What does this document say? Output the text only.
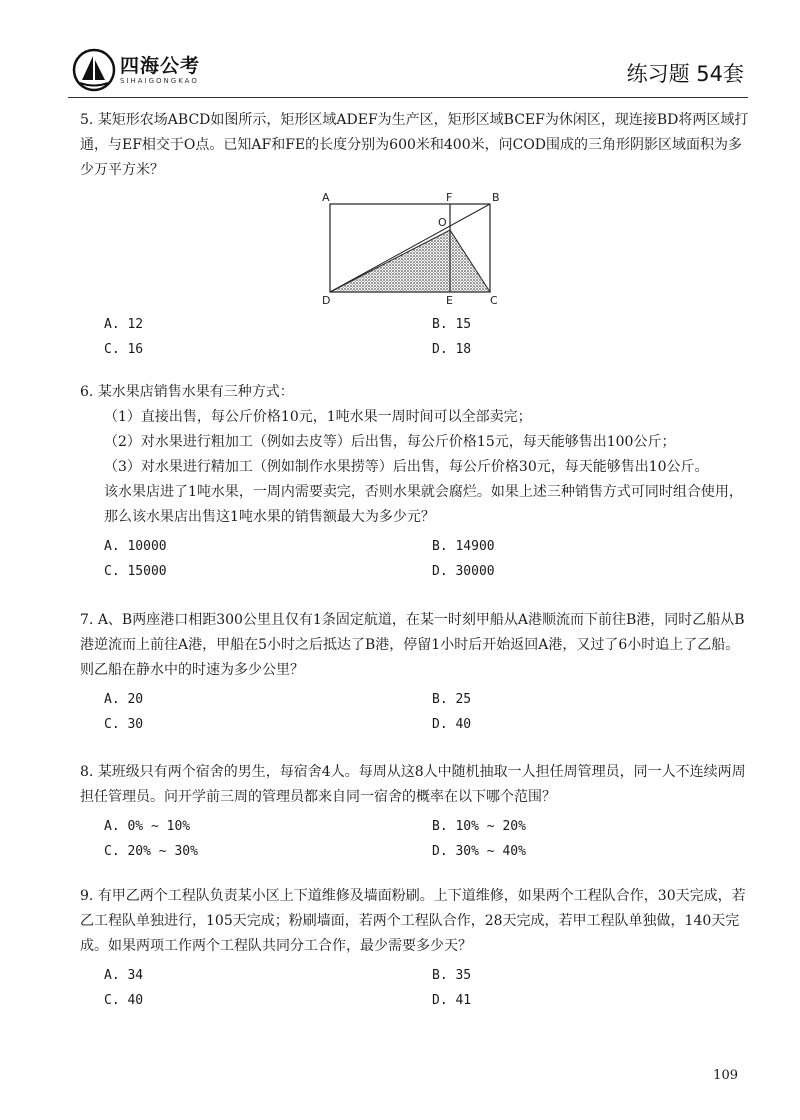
四海公考
SIHAIGONGKAO	练习题 54套

5. 某矩形农场ABCD如图所示，矩形区域ADEF为生产区，矩形区域BCEF为休闲区，现连接BD将两区域打通，与EF相交于O点。已知AF和FE的长度分别为600米和400米，问COD围成的三角形阴影区域面积为多少万平方米？

A	F	B
O
D	E	C
A. 12	B. 15
C. 16	D. 18

6. 某水果店销售水果有三种方式：

（1）直接出售，每公斤价格10元，1吨水果一周时间可以全部卖完；

（2）对水果进行粗加工（例如去皮等）后出售，每公斤价格15元，每天能够售出100公斤；

（3）对水果进行精加工（例如制作水果捞等）后出售，每公斤价格30元，每天能够售出10公斤。

该水果店进了1吨水果，一周内需要卖完，否则水果就会腐烂。如果上述三种销售方式可同时组合使用，那么该水果店出售这1吨水果的销售额最大为多少元？

A. 10000	B. 14900
C. 15000	D. 30000

7. A、B两座港口相距300公里且仅有1条固定航道，在某一时刻甲船从A港顺流而下前往B港，同时乙船从B港逆流而上前往A港，甲船在5小时之后抵达了B港，停留1小时后开始返回A港，又过了6小时追上了乙船。则乙船在静水中的时速为多少公里？

A. 20	B. 25
C. 30	D. 40

8. 某班级只有两个宿舍的男生，每宿舍4人。每周从这8人中随机抽取一人担任周管理员，同一人不连续两周担任管理员。问开学前三周的管理员都来自同一宿舍的概率在以下哪个范围？

A. 0% ~ 10%	B. 10% ~ 20%
C. 20% ~ 30%	D. 30% ~ 40%

9. 有甲乙两个工程队负责某小区上下道维修及墙面粉刷。上下道维修，如果两个工程队合作，30天完成，若乙工程队单独进行，105天完成；粉刷墙面，若两个工程队合作，28天完成，若甲工程队单独做，140天完成。如果两项工作两个工程队共同分工合作，最少需要多少天？

A. 34	B. 35
C. 40	D. 41
109
